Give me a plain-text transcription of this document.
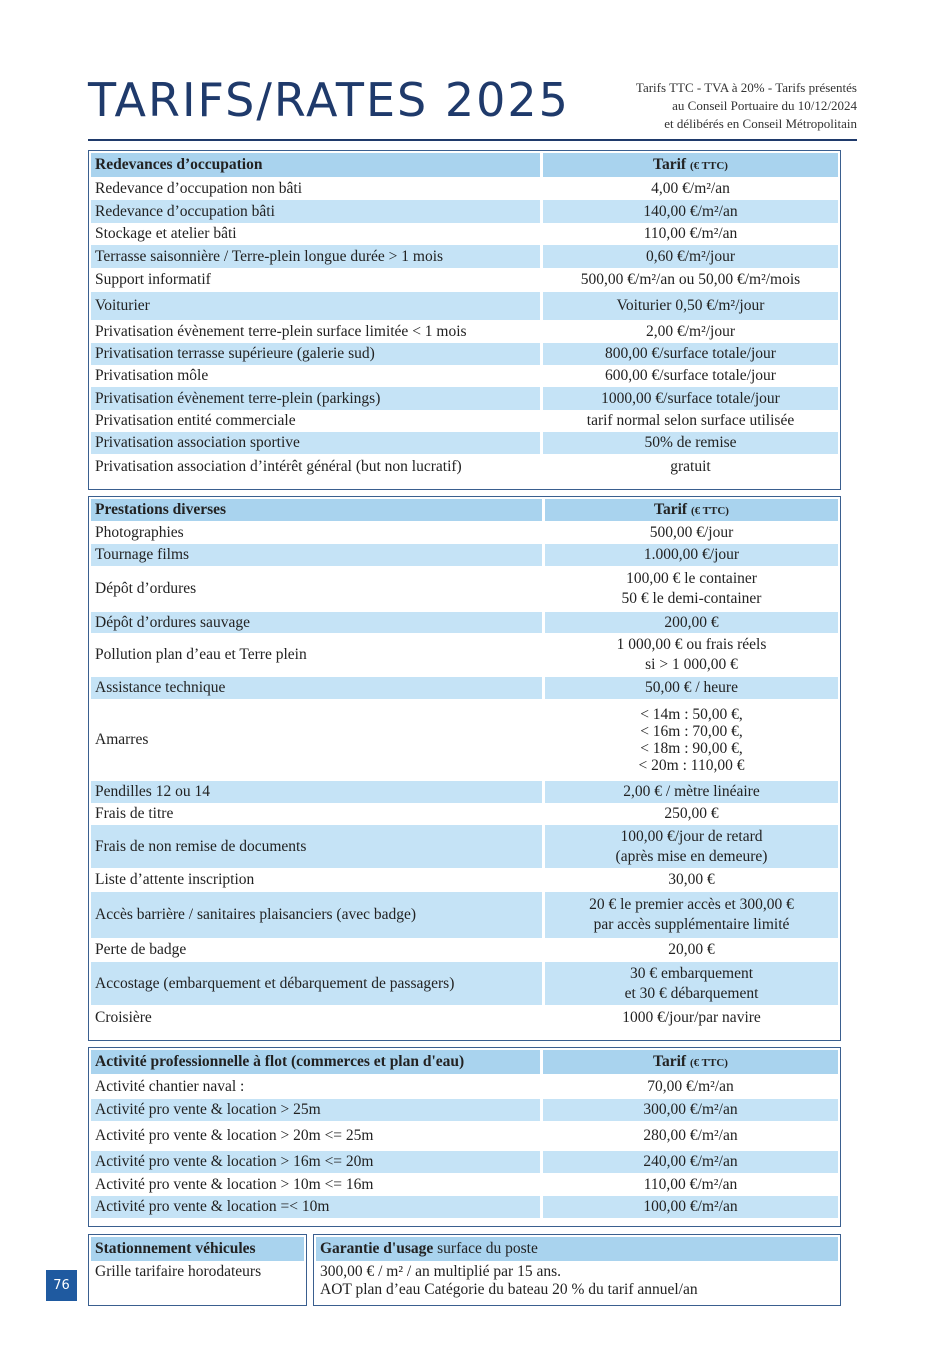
TARIFS/RATES 2025	Tarifs TTC - TVA à 20% - Tarifs présentés
au Conseil Portuaire du 10/12/2024
et délibérés en Conseil Métropolitain
Redevances d’occupation	Tarif (€ TTC)
Redevance d’occupation non bâti	4,00 €/m²/an
Redevance d’occupation bâti	140,00 €/m²/an
Stockage et atelier bâti	110,00 €/m²/an
Terrasse saisonnière / Terre-plein longue durée > 1 mois	0,60 €/m²/jour
Support informatif	500,00 €/m²/an ou 50,00 €/m²/mois
Voiturier	Voiturier 0,50 €/m²/jour
Privatisation évènement terre-plein surface limitée < 1 mois	2,00 €/m²/jour
Privatisation terrasse supérieure (galerie sud)	800,00 €/surface totale/jour
Privatisation môle	600,00 €/surface totale/jour
Privatisation évènement terre-plein (parkings)	1000,00 €/surface totale/jour
Privatisation entité commerciale	tarif normal selon surface utilisée
Privatisation association sportive	50% de remise
Privatisation association d’intérêt général (but non lucratif)	gratuit
Prestations diverses	Tarif (€ TTC)
Photographies	500,00 €/jour
Tournage films	1.000,00 €/jour
Dépôt d’ordures	100,00 € le container
50 € le demi-container
Dépôt d’ordures sauvage	200,00 €
Pollution plan d’eau et Terre plein	1 000,00 € ou frais réels
si > 1 000,00 €
Assistance technique	50,00 € / heure
Amarres	< 14m : 50,00 €,
< 16m : 70,00 €,
< 18m : 90,00 €,
< 20m : 110,00 €
Pendilles 12 ou 14	2,00 € / mètre linéaire
Frais de titre	250,00 €
Frais de non remise de documents	100,00 €/jour de retard
(après mise en demeure)
Liste d’attente inscription	30,00 €
Accès barrière / sanitaires plaisanciers (avec badge)	20 € le premier accès et 300,00 €
par accès supplémentaire limité
Perte de badge	20,00 €
Accostage (embarquement et débarquement de passagers)	30 € embarquement
et 30 € débarquement
Croisière	1000 €/jour/par navire
Activité professionnelle à flot (commerces et plan d'eau)	Tarif (€ TTC)
Activité chantier naval :	70,00 €/m²/an
Activité pro vente & location > 25m	300,00 €/m²/an
Activité pro vente & location > 20m <= 25m	280,00 €/m²/an
Activité pro vente & location > 16m <= 20m	240,00 €/m²/an
Activité pro vente & location > 10m <= 16m	110,00 €/m²/an
Activité pro vente & location =< 10m	100,00 €/m²/an
Stationnement véhicules
Grille tarifaire horodateurs
Garantie d'usage surface du poste
300,00 € / m² / an multiplié par 15 ans.
AOT plan d’eau Catégorie du bateau 20 % du tarif annuel/an
76
